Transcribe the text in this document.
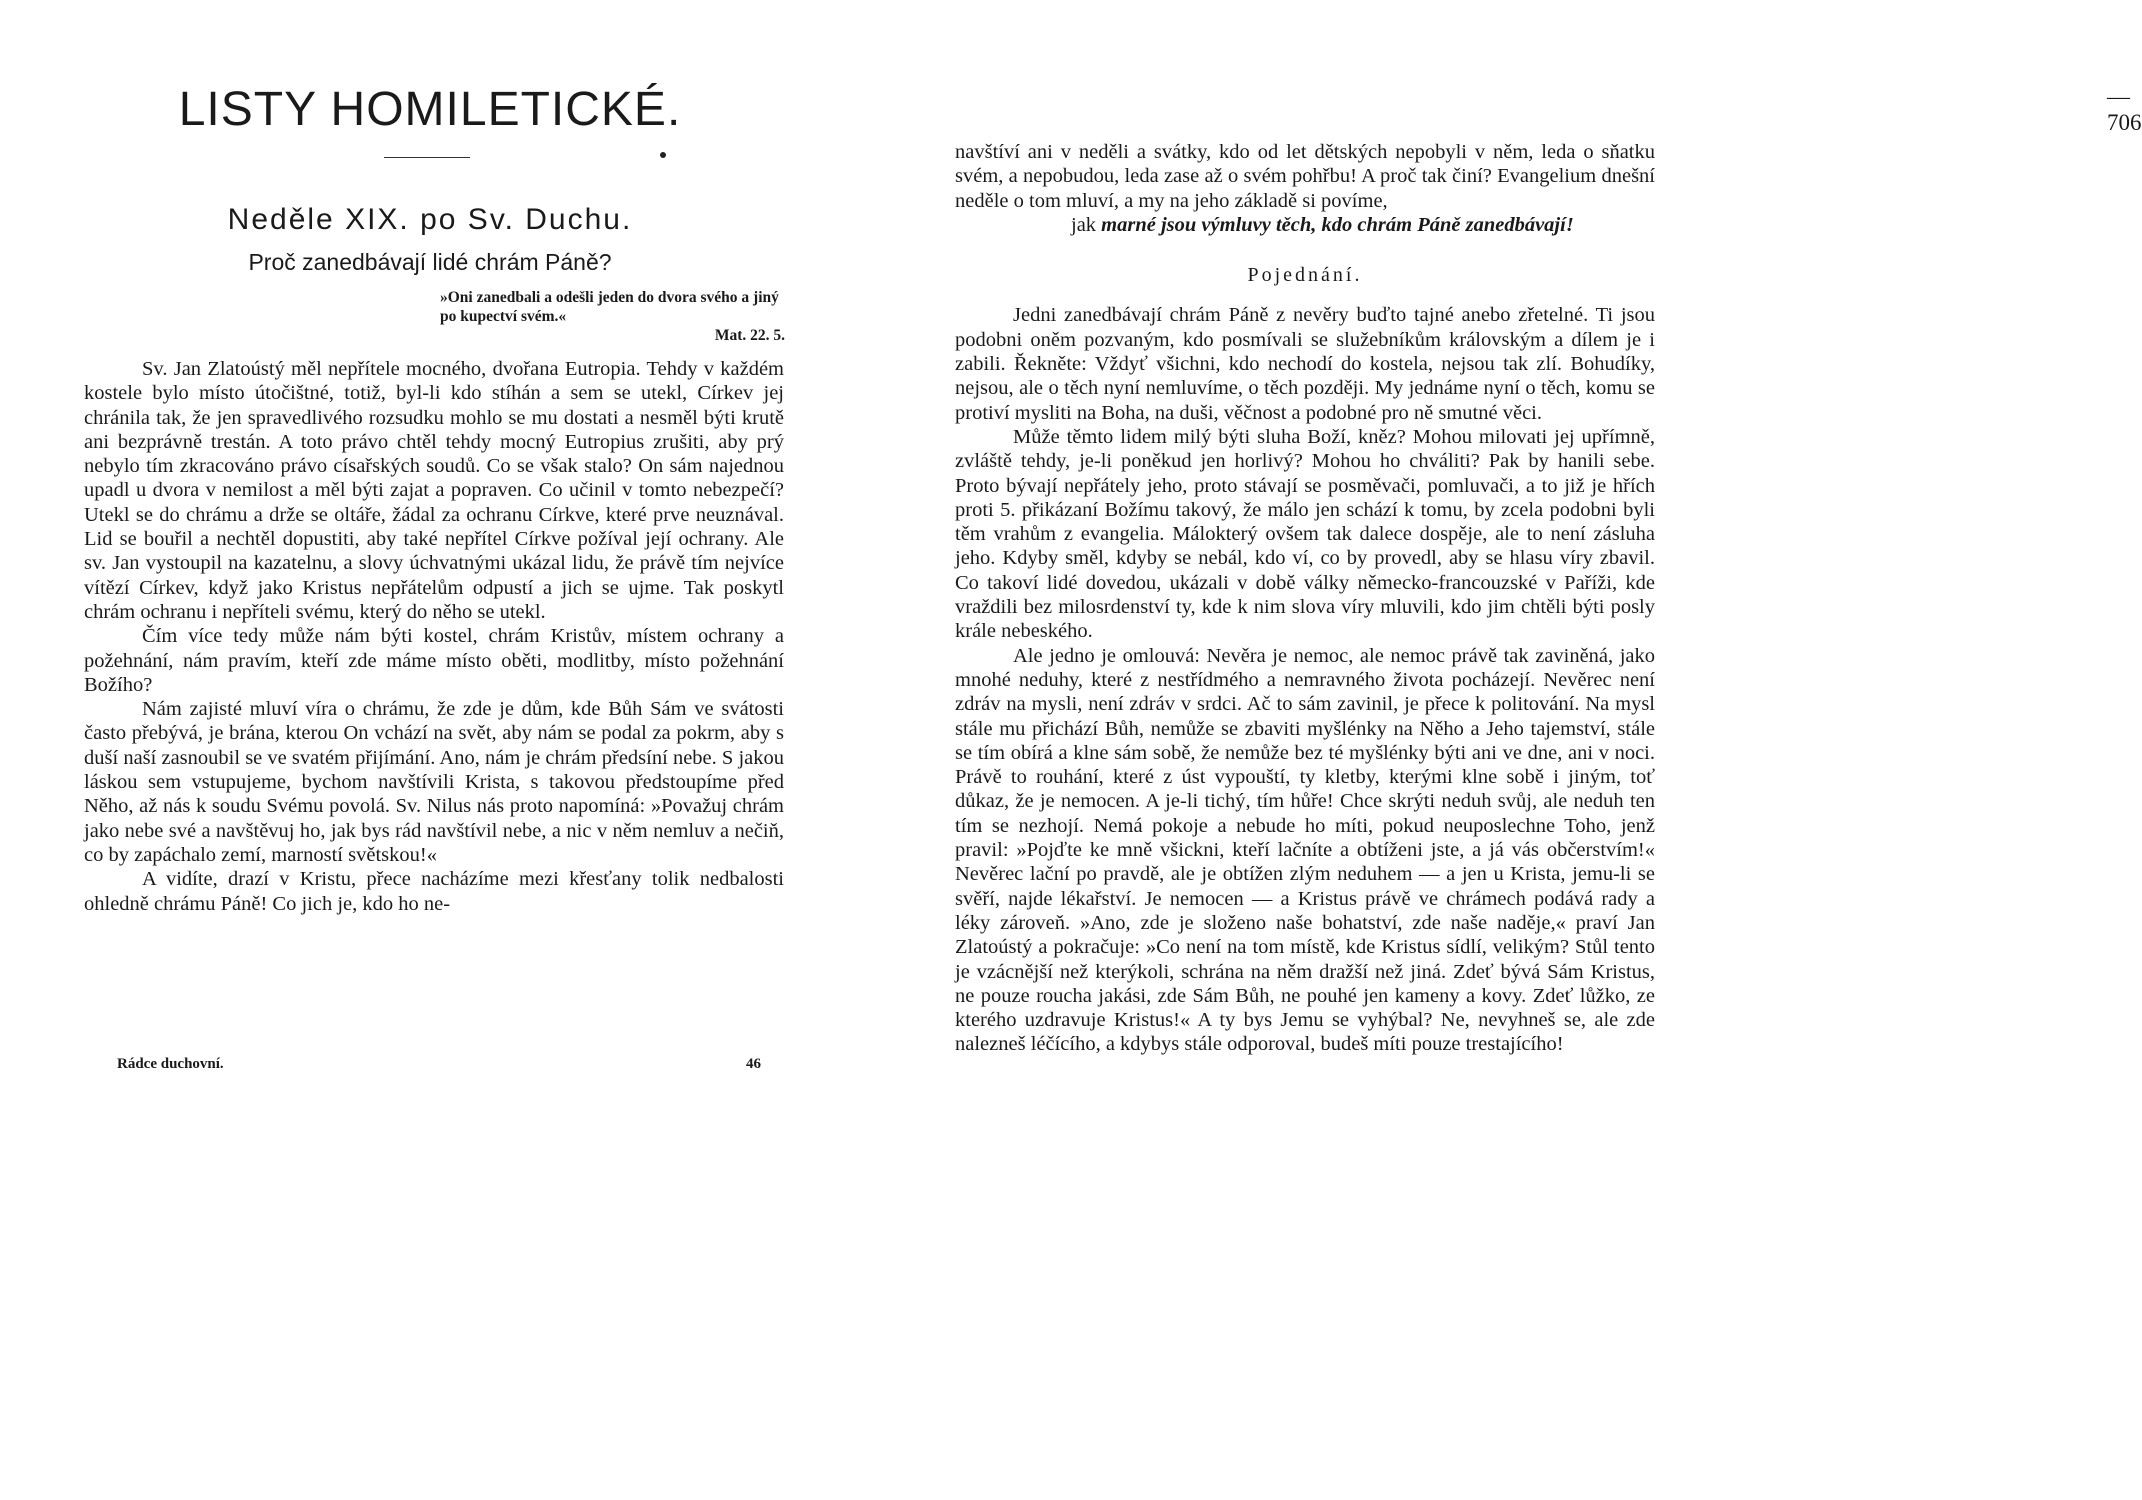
LISTY HOMILETICKÉ.
Neděle XIX. po Sv. Duchu.
Proč zanedbávají lidé chrám Páně?
»Oni zanedbali a odešli jeden do dvora svého a jiný po kupectví svém.«
Mat. 22. 5.
Sv. Jan Zlatoústý měl nepřítele mocného, dvořana Eutropia. Tehdy v každém kostele bylo místo útočištné, totiž, byl-li kdo stíhán a sem se utekl, Církev jej chránila tak, že jen spravedlivého rozsudku mohlo se mu dostati a nesměl býti krutě ani bezprávně trestán. A toto právo chtěl tehdy mocný Eutropius zrušiti, aby prý nebylo tím zkracováno právo císařských soudů. Co se však stalo? On sám najednou upadl u dvora v nemilost a měl býti zajat a popraven. Co učinil v tomto nebezpečí? Utekl se do chrámu a drže se oltáře, žádal za ochranu Církve, které prve neuznával. Lid se bouřil a nechtěl dopustiti, aby také nepřítel Církve požíval její ochrany. Ale sv. Jan vystoupil na kazatelnu, a slovy úchvatnými ukázal lidu, že právě tím nejvíce vítězí Církev, když jako Kristus nepřátelům odpustí a jich se ujme. Tak poskytl chrám ochranu i nepříteli svému, který do něho se utekl.
Čím více tedy může nám býti kostel, chrám Kristův, místem ochrany a požehnání, nám pravím, kteří zde máme místo oběti, modlitby, místo požehnání Božího?
Nám zajisté mluví víra o chrámu, že zde je dům, kde Bůh Sám ve svátosti často přebývá, je brána, kterou On vchází na svět, aby nám se podal za pokrm, aby s duší naší zasnoubil se ve svatém přijímání. Ano, nám je chrám předsíní nebe. S jakou láskou sem vstupujeme, bychom navštívili Krista, s takovou předstoupíme před Něho, až nás k soudu Svému povolá. Sv. Nilus nás proto napomíná: »Považuj chrám jako nebe své a navštěvuj ho, jak bys rád navštívil nebe, a nic v něm nemluv a nečiň, co by zapáchalo zemí, marností světskou!«
A vidíte, drazí v Kristu, přece nacházíme mezi křesťany tolik nedbalosti ohledně chrámu Páně! Co jich je, kdo ho ne-
Rádce duchovní.	46
— 706
navštíví ani v neděli a svátky, kdo od let dětských nepobyli v něm, leda o sňatku svém, a nepobudou, leda zase až o svém pohřbu! A proč tak činí? Evangelium dnešní neděle o tom mluví, a my na jeho základě si povíme,
jak marné jsou výmluvy těch, kdo chrám Páně zanedbávají!
Pojednání.
Jedni zanedbávají chrám Páně z nevěry buďto tajné anebo zřetelné. Ti jsou podobni oněm pozvaným, kdo posmívali se služebníkům královským a dílem je i zabili. Řekněte: Vždyť všichni, kdo nechodí do kostela, nejsou tak zlí. Bohudíky, nejsou, ale o těch nyní nemluvíme, o těch později. My jednáme nyní o těch, komu se protiví mysliti na Boha, na duši, věčnost a podobné pro ně smutné věci.
Může těmto lidem milý býti sluha Boží, kněz? Mohou milovati jej upřímně, zvláště tehdy, je-li poněkud jen horlivý? Mohou ho chváliti? Pak by hanili sebe. Proto bývají nepřátely jeho, proto stávají se posměvači, pomluvači, a to již je hřích proti 5. přikázaní Božímu takový, že málo jen schází k tomu, by zcela podobni byli těm vrahům z evangelia. Málokterý ovšem tak dalece dospěje, ale to není zásluha jeho. Kdyby směl, kdyby se nebál, kdo ví, co by provedl, aby se hlasu víry zbavil. Co takoví lidé dovedou, ukázali v době války německo-francouzské v Paříži, kde vraždili bez milosrdenství ty, kde k nim slova víry mluvili, kdo jim chtěli býti posly krále nebeského.
Ale jedno je omlouvá: Nevěra je nemoc, ale nemoc právě tak zaviněná, jako mnohé neduhy, které z nestřídmého a nemravného života pocházejí. Nevěrec není zdráv na mysli, není zdráv v srdci. Ač to sám zavinil, je přece k politování. Na mysl stále mu přichází Bůh, nemůže se zbaviti myšlénky na Něho a Jeho tajemství, stále se tím obírá a klne sám sobě, že nemůže bez té myšlénky býti ani ve dne, ani v noci. Právě to rouhání, které z úst vypouští, ty kletby, kterými klne sobě i jiným, toť důkaz, že je nemocen. A je-li tichý, tím hůře! Chce skrýti neduh svůj, ale neduh ten tím se nezhojí. Nemá pokoje a nebude ho míti, pokud neuposlechne Toho, jenž pravil: »Pojďte ke mně všickni, kteří lačníte a obtíženi jste, a já vás občerstvím!« Nevěrec lační po pravdě, ale je obtížen zlým neduhem — a jen u Krista, jemu-li se svěří, najde lékařství. Je nemocen — a Kristus právě ve chrámech podává rady a léky zároveň. »Ano, zde je složeno naše bohatství, zde naše naděje,« praví Jan Zlatoústý a pokračuje: »Co není na tom místě, kde Kristus sídlí, velikým? Stůl tento je vzácnější než kterýkoli, schrána na něm dražší než jiná. Zdeť bývá Sám Kristus, ne pouze roucha jakási, zde Sám Bůh, ne pouhé jen kameny a kovy. Zdeť lůžko, ze kterého uzdravuje Kristus!« A ty bys Jemu se vyhýbal? Ne, nevyhneš se, ale zde nalezneš léčícího, a kdybys stále odporoval, budeš míti pouze trestajícího!
